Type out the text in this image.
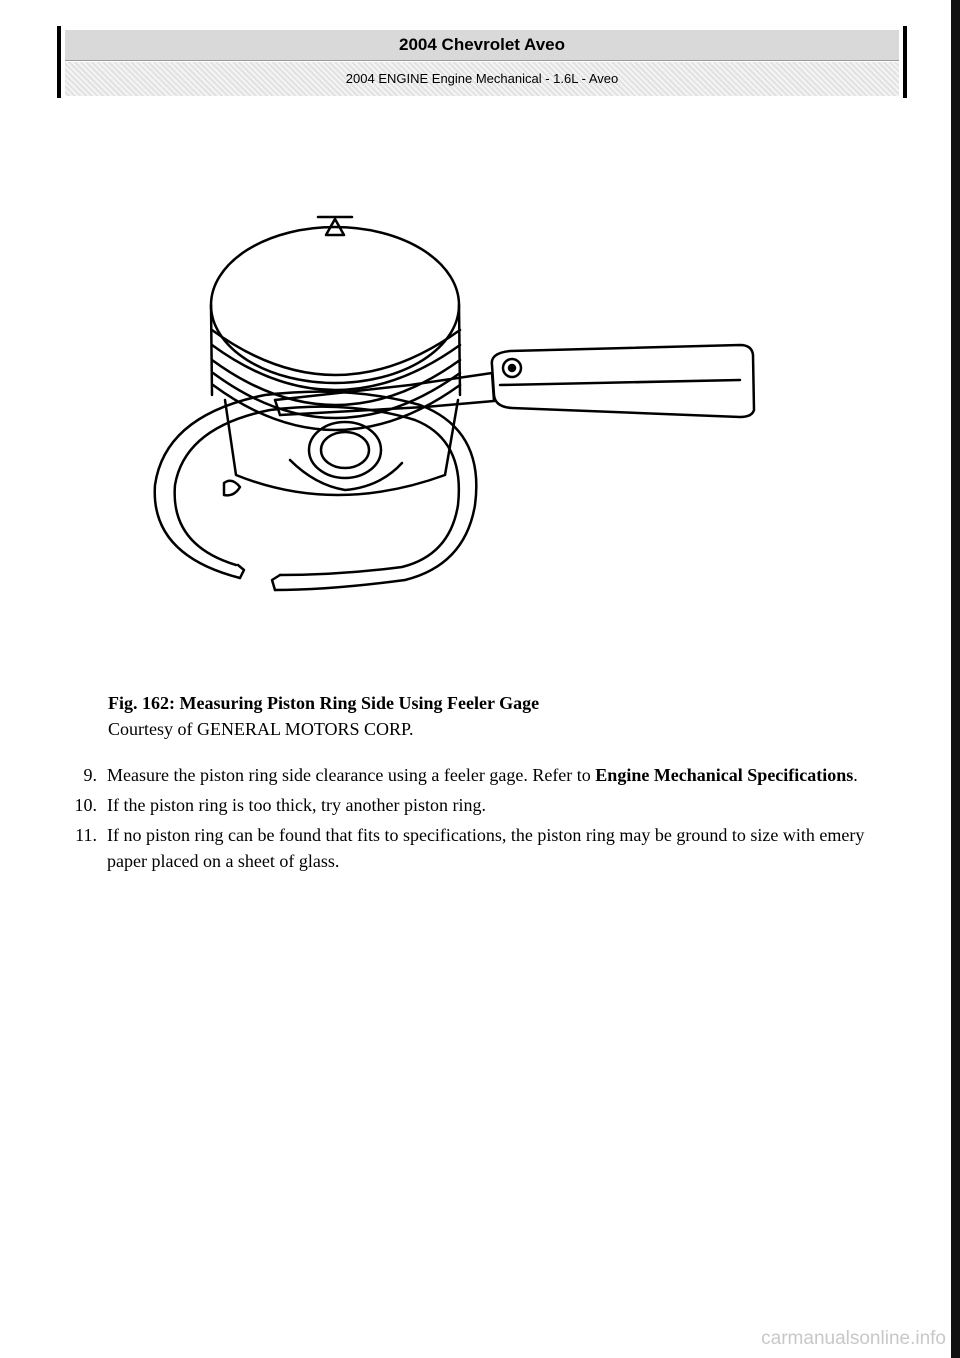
2004 Chevrolet Aveo
2004 ENGINE Engine Mechanical - 1.6L - Aveo
Fig. 162: Measuring Piston Ring Side Using Feeler Gage
Courtesy of GENERAL MOTORS CORP.
9. Measure the piston ring side clearance using a feeler gage. Refer to Engine Mechanical Specifications.
10. If the piston ring is too thick, try another piston ring.
11. If no piston ring can be found that fits to specifications, the piston ring may be ground to size with emery paper placed on a sheet of glass.
carmanualsonline.info
